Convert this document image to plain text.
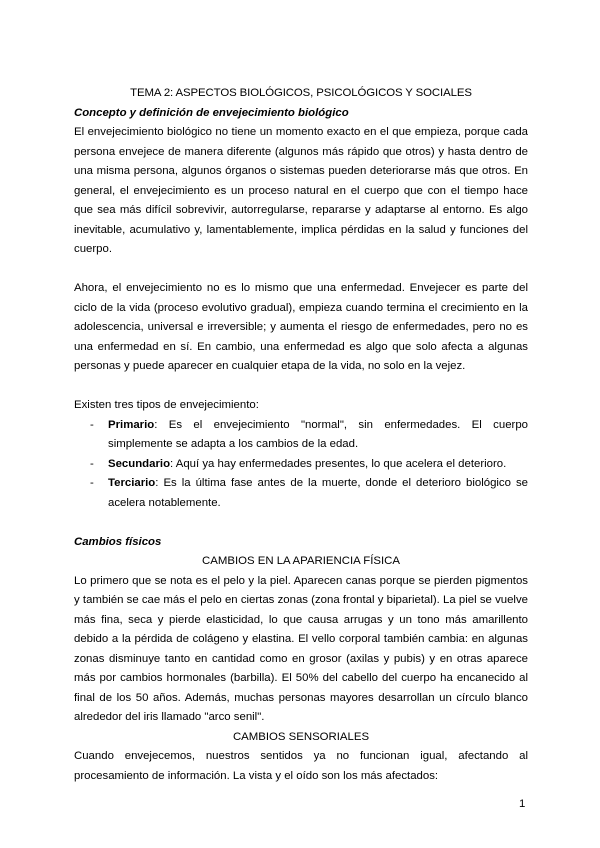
TEMA 2: ASPECTOS BIOLÓGICOS, PSICOLÓGICOS Y SOCIALES

Concepto y definición de envejecimiento biológico

El envejecimiento biológico no tiene un momento exacto en el que empieza, porque cada persona envejece de manera diferente (algunos más rápido que otros) y hasta dentro de una misma persona, algunos órganos o sistemas pueden deteriorarse más que otros. En general, el envejecimiento es un proceso natural en el cuerpo que con el tiempo hace que sea más difícil sobrevivir, autorregularse, repararse y adaptarse al entorno. Es algo inevitable, acumulativo y, lamentablemente, implica pérdidas en la salud y funciones del cuerpo.

Ahora, el envejecimiento no es lo mismo que una enfermedad. Envejecer es parte del ciclo de la vida (proceso evolutivo gradual), empieza cuando termina el crecimiento en la adolescencia, universal e irreversible; y aumenta el riesgo de enfermedades, pero no es una enfermedad en sí. En cambio, una enfermedad es algo que solo afecta a algunas personas y puede aparecer en cualquier etapa de la vida, no solo en la vejez.

Existen tres tipos de envejecimiento:

- Primario: Es el envejecimiento "normal", sin enfermedades. El cuerpo simplemente se adapta a los cambios de la edad.
- Secundario: Aquí ya hay enfermedades presentes, lo que acelera el deterioro.
- Terciario: Es la última fase antes de la muerte, donde el deterioro biológico se acelera notablemente.

Cambios físicos

CAMBIOS EN LA APARIENCIA FÍSICA

Lo primero que se nota es el pelo y la piel. Aparecen canas porque se pierden pigmentos y también se cae más el pelo en ciertas zonas (zona frontal y biparietal). La piel se vuelve más fina, seca y pierde elasticidad, lo que causa arrugas y un tono más amarillento debido a la pérdida de colágeno y elastina. El vello corporal también cambia: en algunas zonas disminuye tanto en cantidad como en grosor (axilas y pubis) y en otras aparece más por cambios hormonales (barbilla). El 50% del cabello del cuerpo ha encanecido al final de los 50 años. Además, muchas personas mayores desarrollan un círculo blanco alrededor del iris llamado "arco senil".

CAMBIOS SENSORIALES

Cuando envejecemos, nuestros sentidos ya no funcionan igual, afectando al procesamiento de información. La vista y el oído son los más afectados:

1
